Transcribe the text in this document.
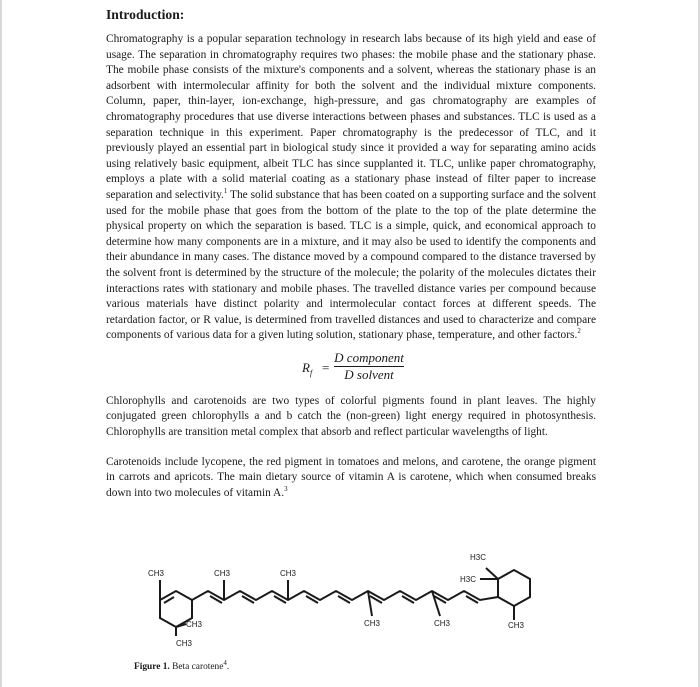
Introduction:

Chromatography is a popular separation technology in research labs because of its high yield and ease of usage. The separation in chromatography requires two phases: the mobile phase and the stationary phase. The mobile phase consists of the mixture's components and a solvent, whereas the stationary phase is an adsorbent with intermolecular affinity for both the solvent and the individual mixture components. Column, paper, thin-layer, ion-exchange, high-pressure, and gas chromatography are examples of chromatography procedures that use diverse interactions between phases and substances. TLC is used as a separation technique in this experiment. Paper chromatography is the predecessor of TLC, and it previously played an essential part in biological study since it provided a way for separating amino acids using relatively basic equipment, albeit TLC has since supplanted it. TLC, unlike paper chromatography, employs a plate with a solid material coating as a stationary phase instead of filter paper to increase separation and selectivity.$^1$ The solid substance that has been coated on a supporting surface and the solvent used for the mobile phase that goes from the bottom of the plate to the top of the plate determine the physical property on which the separation is based. TLC is a simple, quick, and economical approach to determine how many components are in a mixture, and it may also be used to identify the components and their abundance in many cases. The distance moved by a compound compared to the distance traversed by the solvent front is determined by the structure of the molecule; the polarity of the molecules dictates their interactions rates with stationary and mobile phases. The travelled distance varies per compound because various materials have distinct polarity and intermolecular contact forces at different speeds. The retardation factor, or R value, is determined from travelled distances and used to characterize and compare components of various data for a given luting solution, stationary phase, temperature, and other factors.$^2$

$R_f$ =
D component
D solvent

Chlorophylls and carotenoids are two types of colorful pigments found in plant leaves. The highly conjugated green chlorophylls a and b catch the (non-green) light energy required in photosynthesis. Chlorophylls are transition metal complex that absorb and reflect particular wavelengths of light.

Carotenoids include lycopene, the red pigment in tomatoes and melons, and carotene, the orange pigment in carrots and apricots. The main dietary source of vitamin A is carotene, which when consumed breaks down into two molecules of vitamin A.$^3$

CH3	CH3	CH3
H3C
H3C
CH3
CH3
CH3	CH3	CH3
Figure 1. Beta carotene$^4$.
